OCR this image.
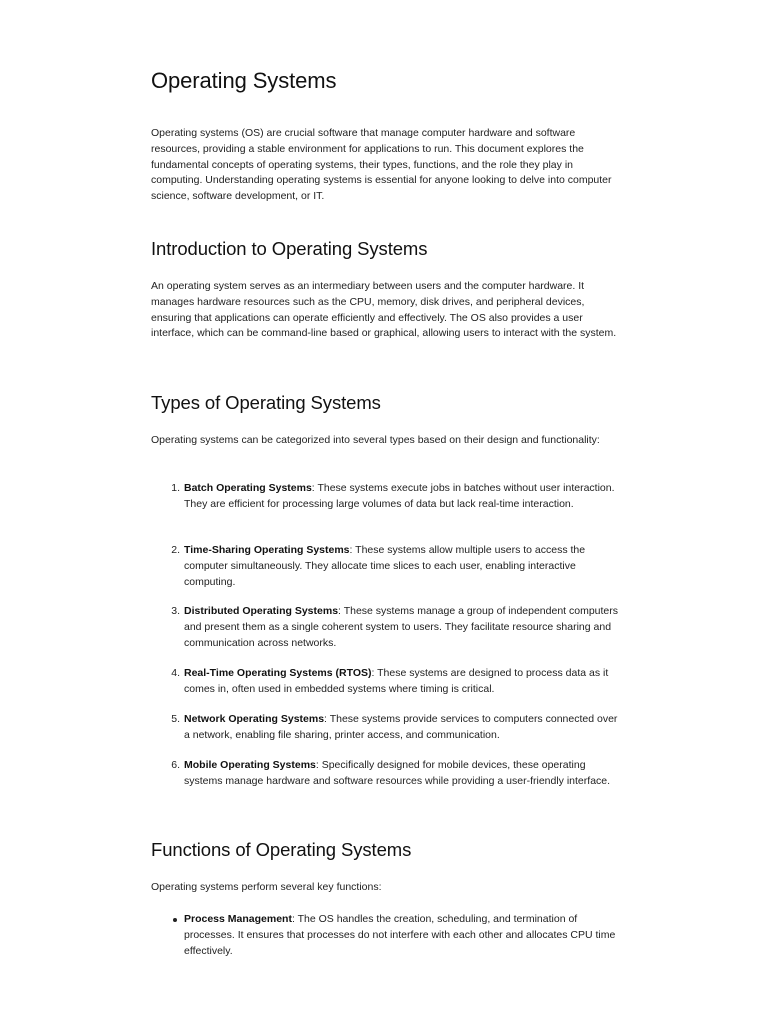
Operating Systems

Operating systems (OS) are crucial software that manage computer hardware and software resources, providing a stable environment for applications to run. This document explores the fundamental concepts of operating systems, their types, functions, and the role they play in computing. Understanding operating systems is essential for anyone looking to delve into computer science, software development, or IT.

Introduction to Operating Systems

An operating system serves as an intermediary between users and the computer hardware. It manages hardware resources such as the CPU, memory, disk drives, and peripheral devices, ensuring that applications can operate efficiently and effectively. The OS also provides a user interface, which can be command-line based or graphical, allowing users to interact with the system.

Types of Operating Systems

Operating systems can be categorized into several types based on their design and functionality:

1. Batch Operating Systems: These systems execute jobs in batches without user interaction. They are efficient for processing large volumes of data but lack real-time interaction.
2. Time-Sharing Operating Systems: These systems allow multiple users to access the computer simultaneously. They allocate time slices to each user, enabling interactive computing.
3. Distributed Operating Systems: These systems manage a group of independent computers and present them as a single coherent system to users. They facilitate resource sharing and communication across networks.
4. Real-Time Operating Systems (RTOS): These systems are designed to process data as it comes in, often used in embedded systems where timing is critical.
5. Network Operating Systems: These systems provide services to computers connected over a network, enabling file sharing, printer access, and communication.
6. Mobile Operating Systems: Specifically designed for mobile devices, these operating systems manage hardware and software resources while providing a user-friendly interface.
Functions of Operating Systems

Operating systems perform several key functions:

Process Management: The OS handles the creation, scheduling, and termination of processes. It ensures that processes do not interfere with each other and allocates CPU time effectively.
